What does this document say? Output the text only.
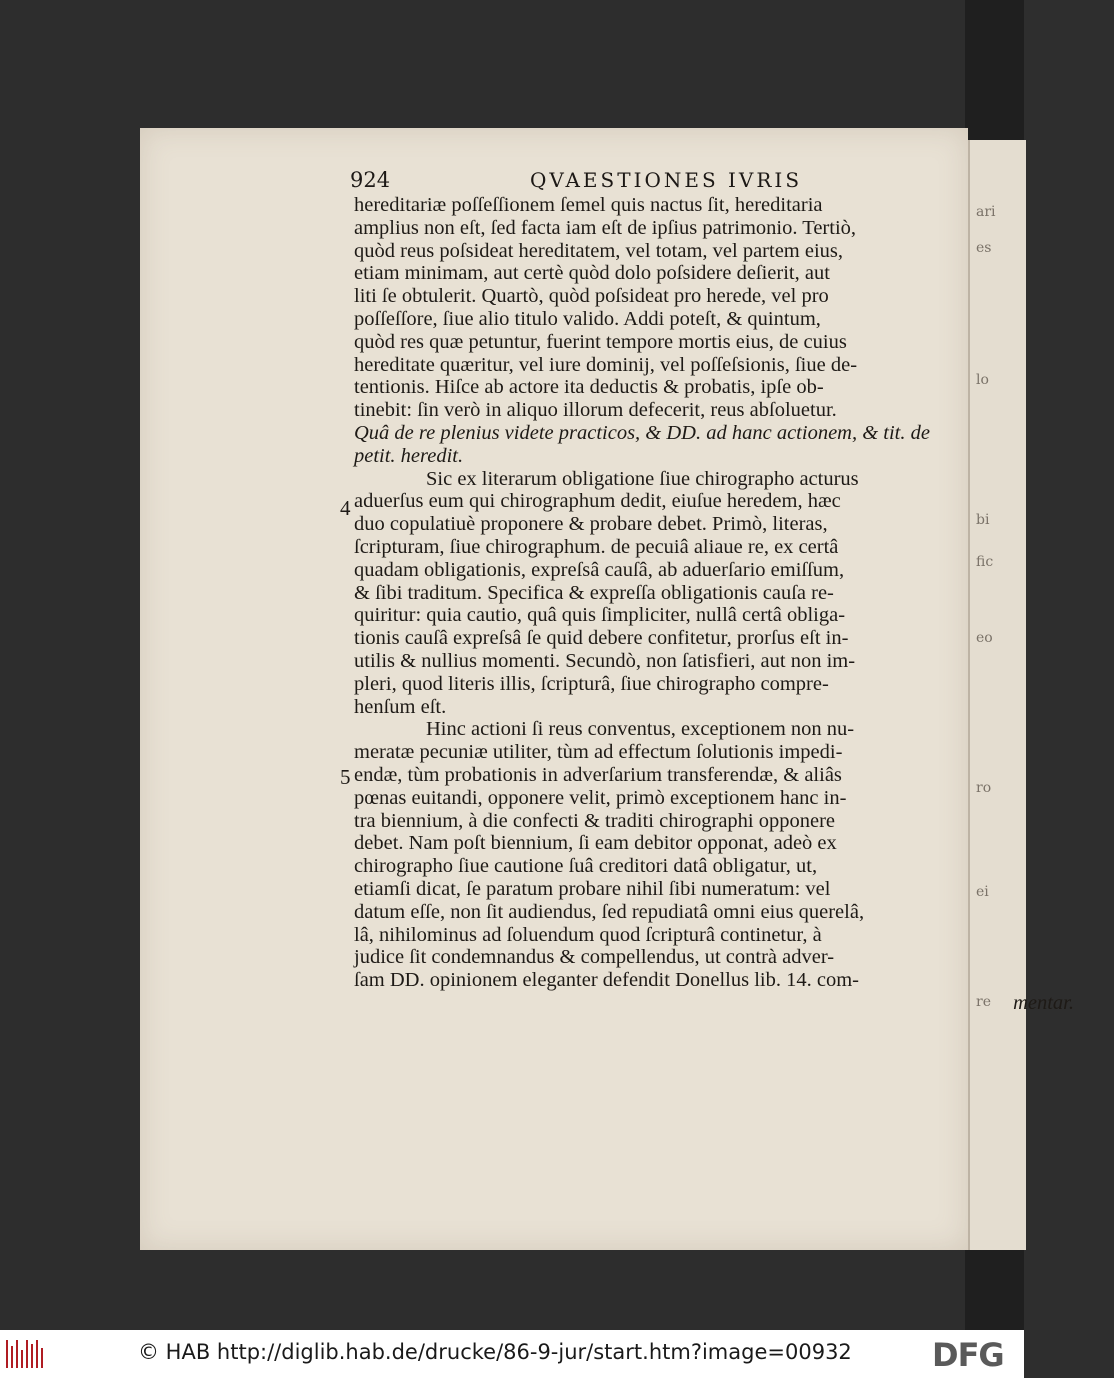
ari
es
lo
bi
fic
eo
ro
ei
re
924	QVAESTIONES IVRIS
hereditariæ poſſeſſionem ſemel quis nactus ſit, hereditaria
amplius non eſt, ſed facta iam eſt de ipſius patrimonio. Tertiò,
quòd reus poſsideat hereditatem, vel totam, vel partem eius,
etiam minimam, aut certè quòd dolo poſsidere deſierit, aut
liti ſe obtulerit. Quartò, quòd poſsideat pro herede, vel pro
poſſeſſore, ſiue alio titulo valido. Addi poteſt, & quintum,
quòd res quæ petuntur, fuerint tempore mortis eius, de cuius
hereditate quæritur, vel iure dominij, vel poſſeſsionis, ſiue de-
tentionis. Hiſce ab actore ita deductis & probatis, ipſe ob-
tinebit: ſin verò in aliquo illorum defecerit, reus abſoluetur.
Quâ de re plenius videte practicos, & DD. ad hanc actionem, & tit. de
petit. heredit.
Sic ex literarum obligatione ſiue chirographo acturus
aduerſus eum qui chirographum dedit, eiuſue heredem, hæc
duo copulatiuè proponere & probare debet. Primò, literas,
ſcripturam, ſiue chirographum. de pecuiâ aliaue re, ex certâ
quadam obligationis, expreſsâ cauſâ, ab aduerſario emiſſum,
& ſibi traditum. Specifica & expreſſa obligationis cauſa re-
quiritur: quia cautio, quâ quis ſimpliciter, nullâ certâ obliga-
tionis cauſâ expreſsâ ſe quid debere confitetur, prorſus eſt in-
utilis & nullius momenti. Secundò, non ſatisfieri, aut non im-
pleri, quod literis illis, ſcripturâ, ſiue chirographo compre-
henſum eſt.
Hinc actioni ſi reus conventus, exceptionem non nu-
meratæ pecuniæ utiliter, tùm ad effectum ſolutionis impedi-
endæ, tùm probationis in adverſarium transferendæ, & aliâs
pœnas euitandi, opponere velit, primò exceptionem hanc in-
tra biennium, à die confecti & traditi chirographi opponere
debet. Nam poſt biennium, ſi eam debitor opponat, adeò ex
chirographo ſiue cautione ſuâ creditori datâ obligatur, ut,
etiamſi dicat, ſe paratum probare nihil ſibi numeratum: vel
datum eſſe, non ſit audiendus, ſed repudiatâ omni eius querelâ,
lâ, nihilominus ad ſoluendum quod ſcripturâ continetur, à
judice ſit condemnandus & compellendus, ut contrà adver-
ſam DD. opinionem eleganter defendit Donellus lib. 14. com-
mentar.
4
5
© HAB http://diglib.hab.de/drucke/86-9-jur/start.htm?image=00932	DFG
